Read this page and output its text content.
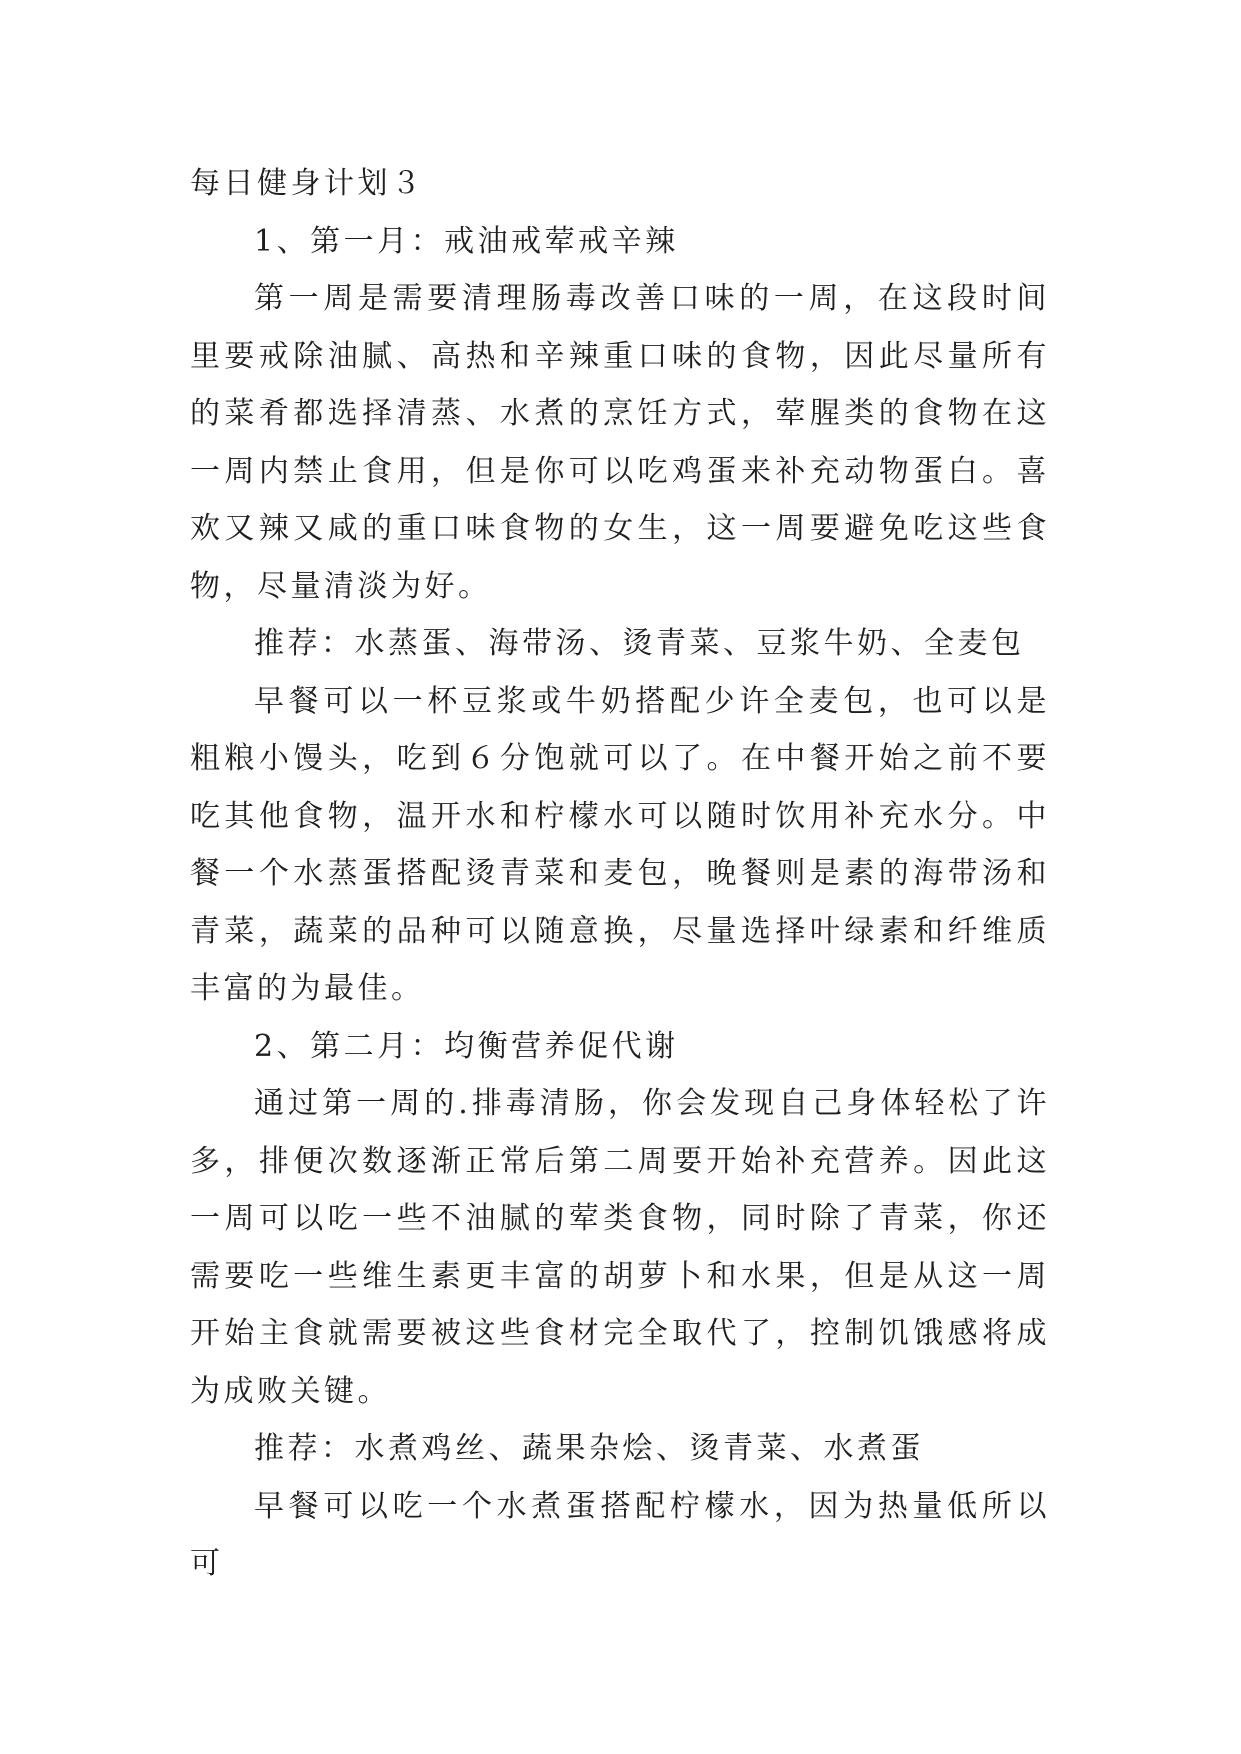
每日健身计划３

1、第一月：戒油戒荤戒辛辣

第一周是需要清理肠毒改善口味的一周，在这段时间里要戒除油腻、高热和辛辣重口味的食物，因此尽量所有的菜肴都选择清蒸、水煮的烹饪方式，荤腥类的食物在这一周内禁止食用，但是你可以吃鸡蛋来补充动物蛋白。喜欢又辣又咸的重口味食物的女生，这一周要避免吃这些食物，尽量清淡为好。

推荐：水蒸蛋、海带汤、烫青菜、豆浆牛奶、全麦包

早餐可以一杯豆浆或牛奶搭配少许全麦包，也可以是粗粮小馒头，吃到６分饱就可以了。在中餐开始之前不要吃其他食物，温开水和柠檬水可以随时饮用补充水分。中餐一个水蒸蛋搭配烫青菜和麦包，晚餐则是素的海带汤和青菜，蔬菜的品种可以随意换，尽量选择叶绿素和纤维质丰富的为最佳。

2、第二月：均衡营养促代谢

通过第一周的.排毒清肠，你会发现自己身体轻松了许多，排便次数逐渐正常后第二周要开始补充营养。因此这一周可以吃一些不油腻的荤类食物，同时除了青菜，你还需要吃一些维生素更丰富的胡萝卜和水果，但是从这一周开始主食就需要被这些食材完全取代了，控制饥饿感将成为成败关键。

推荐：水煮鸡丝、蔬果杂烩、烫青菜、水煮蛋

早餐可以吃一个水煮蛋搭配柠檬水，因为热量低所以可
